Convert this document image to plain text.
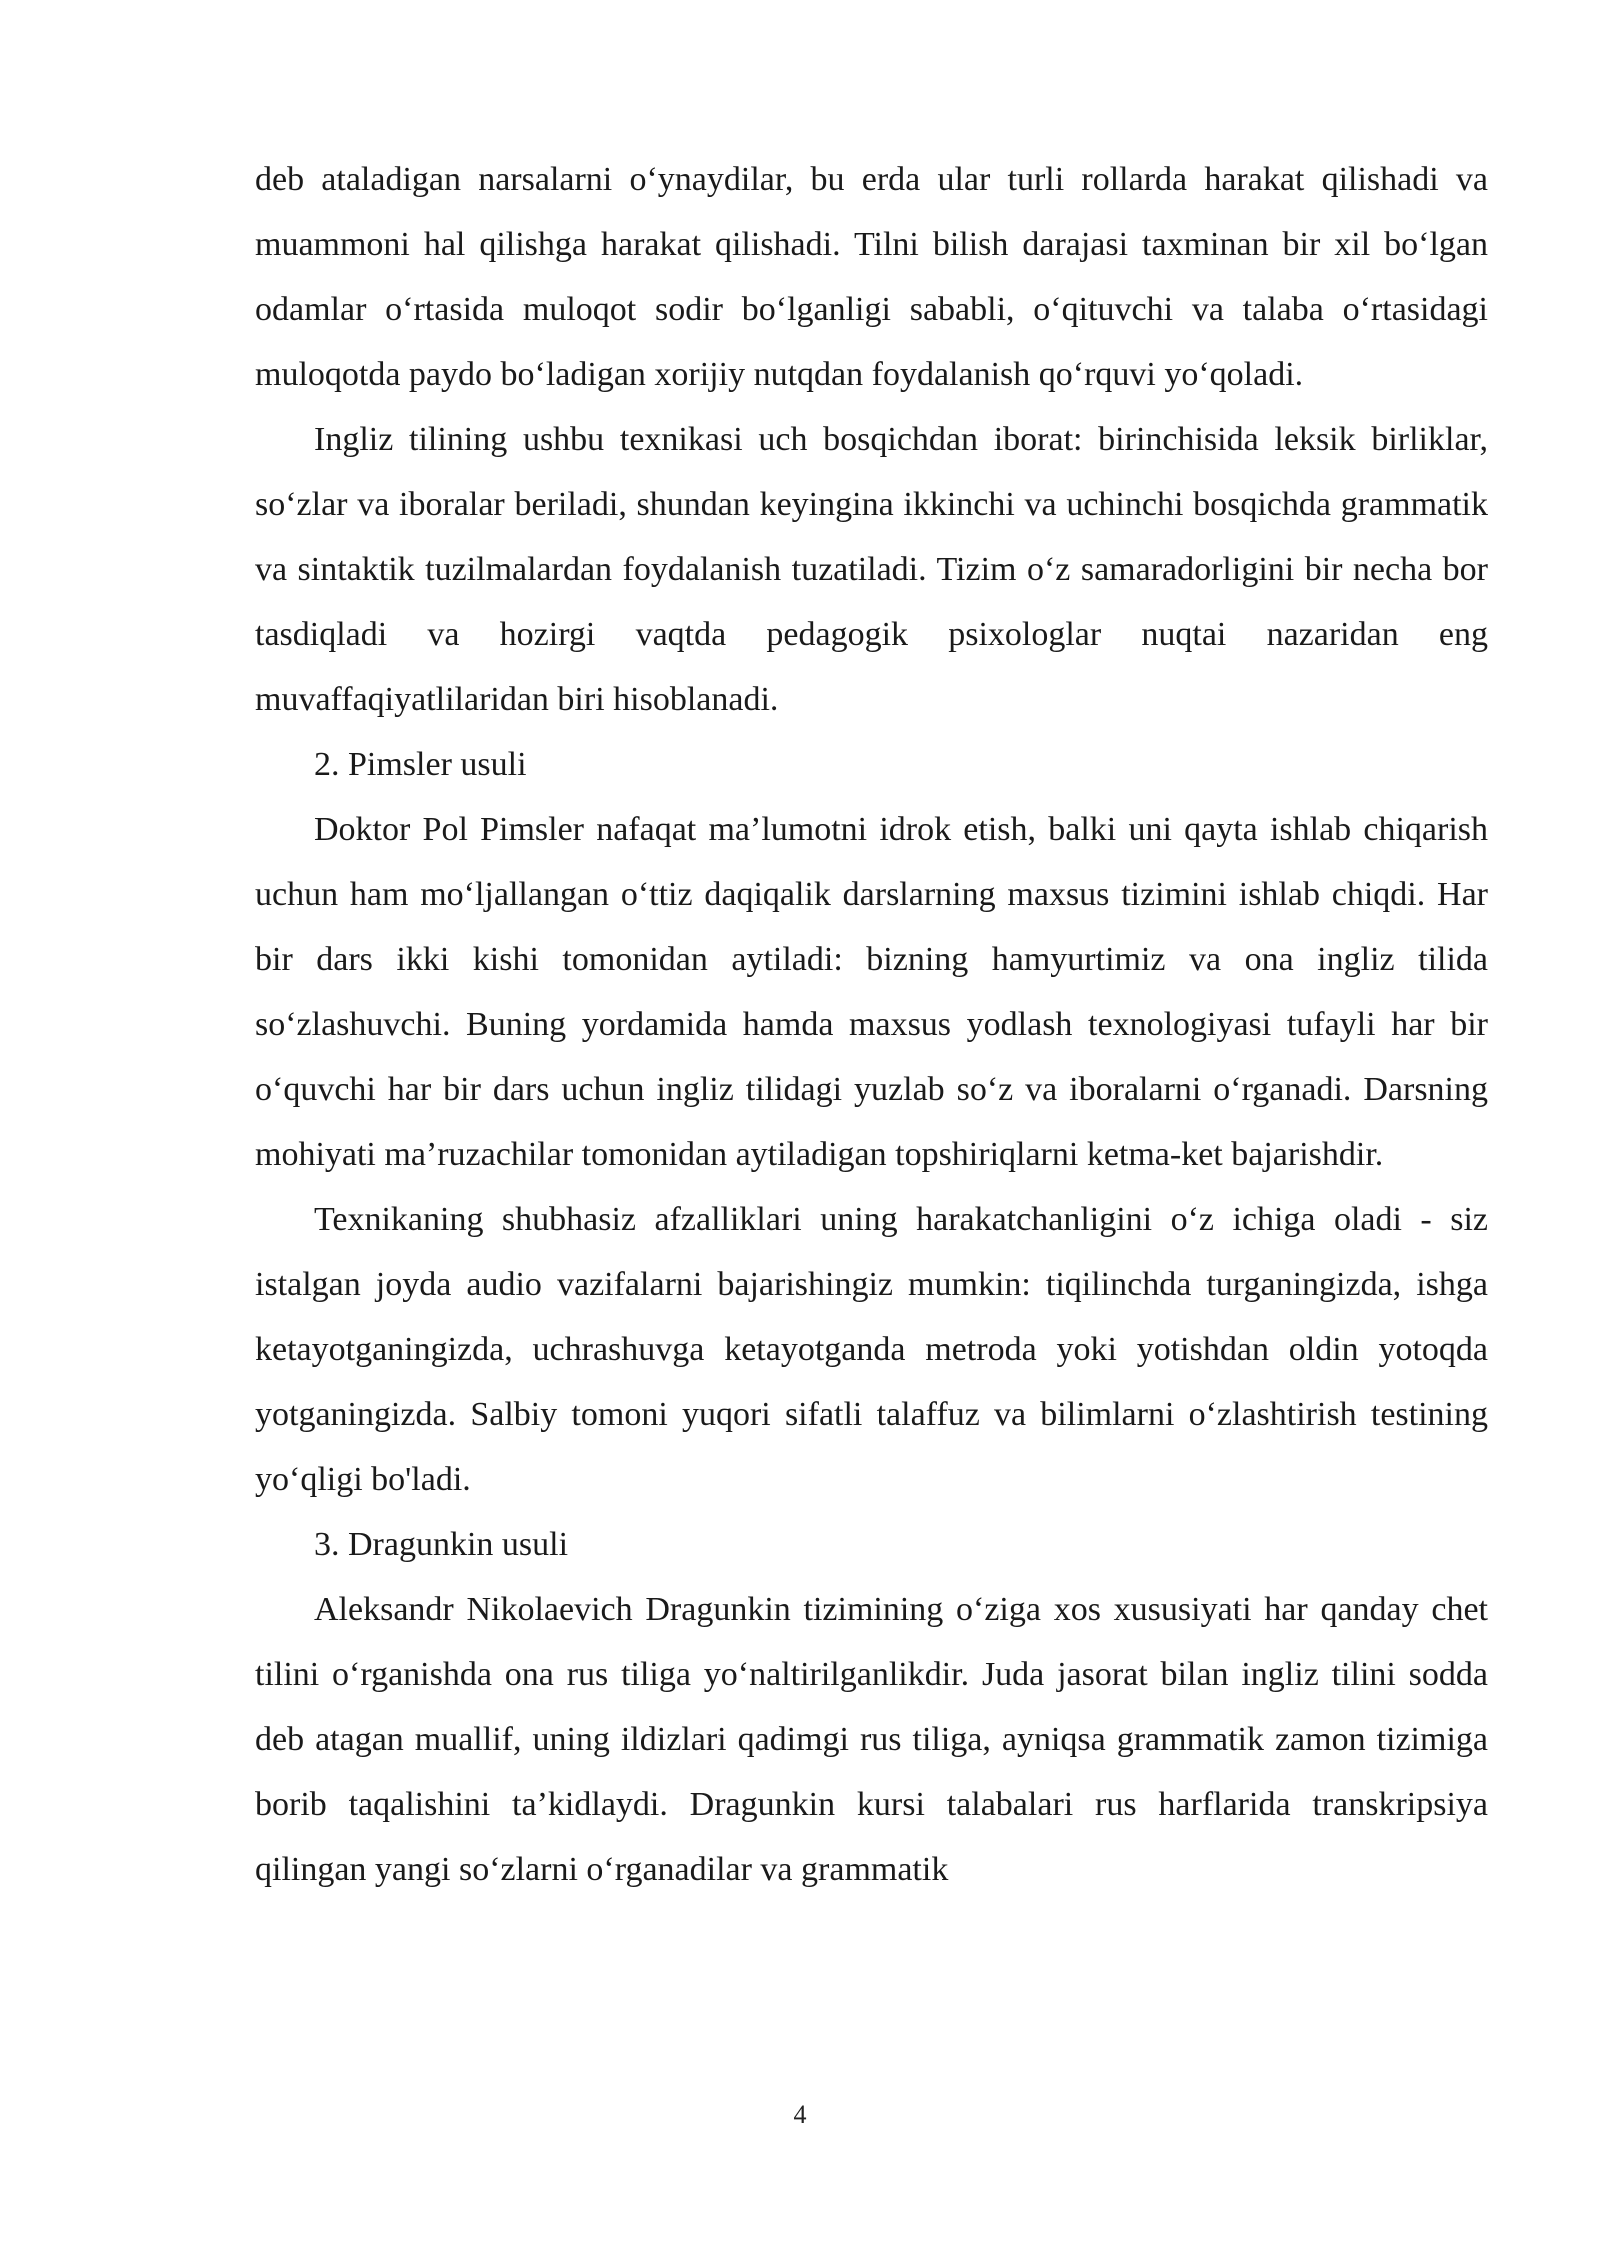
deb ataladigan narsalarni o‘ynaydilar, bu erda ular turli rollarda harakat qilishadi va muammoni hal qilishga harakat qilishadi. Tilni bilish darajasi taxminan bir xil bo‘lgan odamlar o‘rtasida muloqot sodir bo‘lganligi sababli, o‘qituvchi va talaba o‘rtasidagi muloqotda paydo bo‘ladigan xorijiy nutqdan foydalanish qo‘rquvi yo‘qoladi.

Ingliz tilining ushbu texnikasi uch bosqichdan iborat: birinchisida leksik birliklar, so‘zlar va iboralar beriladi, shundan keyingina ikkinchi va uchinchi bosqichda grammatik va sintaktik tuzilmalardan foydalanish tuzatiladi. Tizim o‘z samaradorligini bir necha bor tasdiqladi va hozirgi vaqtda pedagogik psixologlar nuqtai nazaridan eng muvaffaqiyatlilaridan biri hisoblanadi.

2. Pimsler usuli

Doktor Pol Pimsler nafaqat ma’lumotni idrok etish, balki uni qayta ishlab chiqarish uchun ham mo‘ljallangan o‘ttiz daqiqalik darslarning maxsus tizimini ishlab chiqdi. Har bir dars ikki kishi tomonidan aytiladi: bizning hamyurtimiz va ona ingliz tilida so‘zlashuvchi. Buning yordamida hamda maxsus yodlash texnologiyasi tufayli har bir o‘quvchi har bir dars uchun ingliz tilidagi yuzlab so‘z va iboralarni o‘rganadi. Darsning mohiyati ma’ruzachilar tomonidan aytiladigan topshiriqlarni ketma-ket bajarishdir.

Texnikaning shubhasiz afzalliklari uning harakatchanligini o‘z ichiga oladi - siz istalgan joyda audio vazifalarni bajarishingiz mumkin: tiqilinchda turganingizda, ishga ketayotganingizda, uchrashuvga ketayotganda metroda yoki yotishdan oldin yotoqda yotganingizda. Salbiy tomoni yuqori sifatli talaffuz va bilimlarni o‘zlashtirish testining yo‘qligi bo'ladi.

3. Dragunkin usuli

Aleksandr Nikolaevich Dragunkin tizimining o‘ziga xos xususiyati har qanday chet tilini o‘rganishda ona rus tiliga yo‘naltirilganlikdir. Juda jasorat bilan ingliz tilini sodda deb atagan muallif, uning ildizlari qadimgi rus tiliga, ayniqsa grammatik zamon tizimiga borib taqalishini ta’kidlaydi. Dragunkin kursi talabalari rus harflarida transkripsiya qilingan yangi so‘zlarni o‘rganadilar va grammatik

4
